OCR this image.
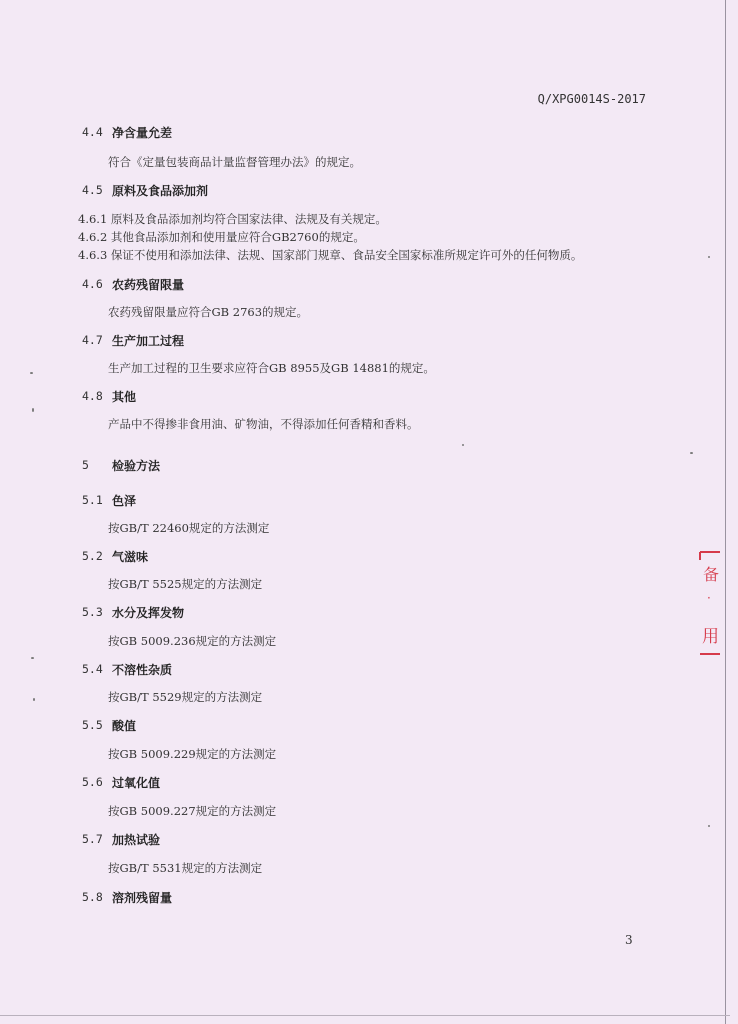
Q/XPG0014S-2017
4.4 净含量允差
符合《定量包装商品计量监督管理办法》的规定。
4.5 原料及食品添加剂
4.6.1 原料及食品添加剂均符合国家法律、法规及有关规定。
4.6.2 其他食品添加剂和使用量应符合GB2760的规定。
4.6.3 保证不使用和添加法律、法规、国家部门规章、食品安全国家标准所规定许可外的任何物质。
4.6 农药残留限量
农药残留限量应符合GB 2763的规定。
4.7 生产加工过程
生产加工过程的卫生要求应符合GB 8955及GB 14881的规定。
4.8 其他
产品中不得掺非食用油、矿物油，不得添加任何香精和香料。
5 检验方法
5.1 色泽
按GB/T 22460规定的方法测定
5.2 气滋味
按GB/T 5525规定的方法测定
5.3 水分及挥发物
按GB 5009.236规定的方法测定
5.4 不溶性杂质
按GB/T 5529规定的方法测定
5.5 酸值
按GB 5009.229规定的方法测定
5.6 过氧化值
按GB 5009.227规定的方法测定
5.7 加热试验
按GB/T 5531规定的方法测定
5.8 溶剂残留量
3
备
·
用
